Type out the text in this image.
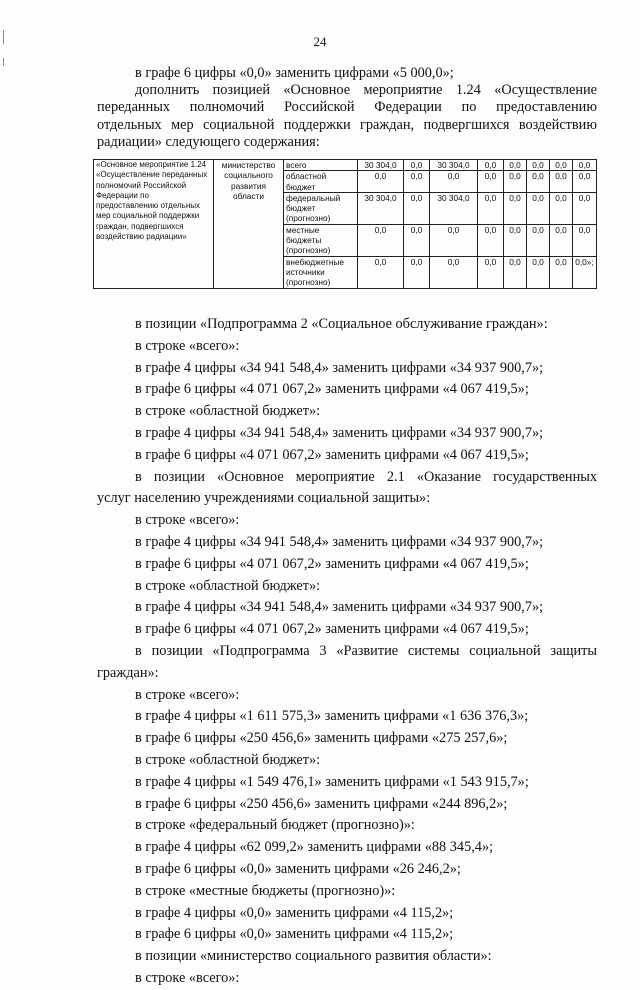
24
в графе 6 цифры «0,0» заменить цифрами «5 000,0»;
дополнить позицией «Основное мероприятие 1.24 «Осуществление
переданных полномочий Российской Федерации по предоставлению
отдельных мер социальной поддержки граждан, подвергшихся воздействию
радиации» следующего содержания:
«Основное мероприятие 1.24 «Осуществление переданных полномочий Российской Федерации по предоставлению отдельных мер социальной поддержки граждан, подвергшихся воздействию радиации»	министерство социального развития области	всего	30 304,0	0,0	30 304,0	0,0	0,0	0,0	0,0	0,0
		областной бюджет	0,0	0,0	0,0	0,0	0,0	0,0	0,0	0,0
		федеральный бюджет (прогнозно)	30 304,0	0,0	30 304,0	0,0	0,0	0,0	0,0	0,0
		местные бюджеты (прогнозно)	0,0	0,0	0,0	0,0	0,0	0,0	0,0	0,0
		внебюджетные источники (прогнозно)	0,0	0,0	0,0	0,0	0,0	0,0	0,0	0,0»;
в позиции «Подпрограмма 2 «Социальное обслуживание граждан»:
в строке «всего»:
в графе 4 цифры «34 941 548,4» заменить цифрами «34 937 900,7»;
в графе 6 цифры «4 071 067,2» заменить цифрами «4 067 419,5»;
в строке «областной бюджет»:
в графе 4 цифры «34 941 548,4» заменить цифрами «34 937 900,7»;
в графе 6 цифры «4 071 067,2» заменить цифрами «4 067 419,5»;
в позиции «Основное мероприятие 2.1 «Оказание государственных
услуг населению учреждениями социальной защиты»:
в строке «всего»:
в графе 4 цифры «34 941 548,4» заменить цифрами «34 937 900,7»;
в графе 6 цифры «4 071 067,2» заменить цифрами «4 067 419,5»;
в строке «областной бюджет»:
в графе 4 цифры «34 941 548,4» заменить цифрами «34 937 900,7»;
в графе 6 цифры «4 071 067,2» заменить цифрами «4 067 419,5»;
в позиции «Подпрограмма 3 «Развитие системы социальной защиты
граждан»:
в строке «всего»:
в графе 4 цифры «1 611 575,3» заменить цифрами «1 636 376,3»;
в графе 6 цифры «250 456,6» заменить цифрами «275 257,6»;
в строке «областной бюджет»:
в графе 4 цифры «1 549 476,1» заменить цифрами «1 543 915,7»;
в графе 6 цифры «250 456,6» заменить цифрами «244 896,2»;
в строке «федеральный бюджет (прогнозно)»:
в графе 4 цифры «62 099,2» заменить цифрами «88 345,4»;
в графе 6 цифры «0,0» заменить цифрами «26 246,2»;
в строке «местные бюджеты (прогнозно)»:
в графе 4 цифры «0,0» заменить цифрами «4 115,2»;
в графе 6 цифры «0,0» заменить цифрами «4 115,2»;
в позиции «министерство социального развития области»:
в строке «всего»:
